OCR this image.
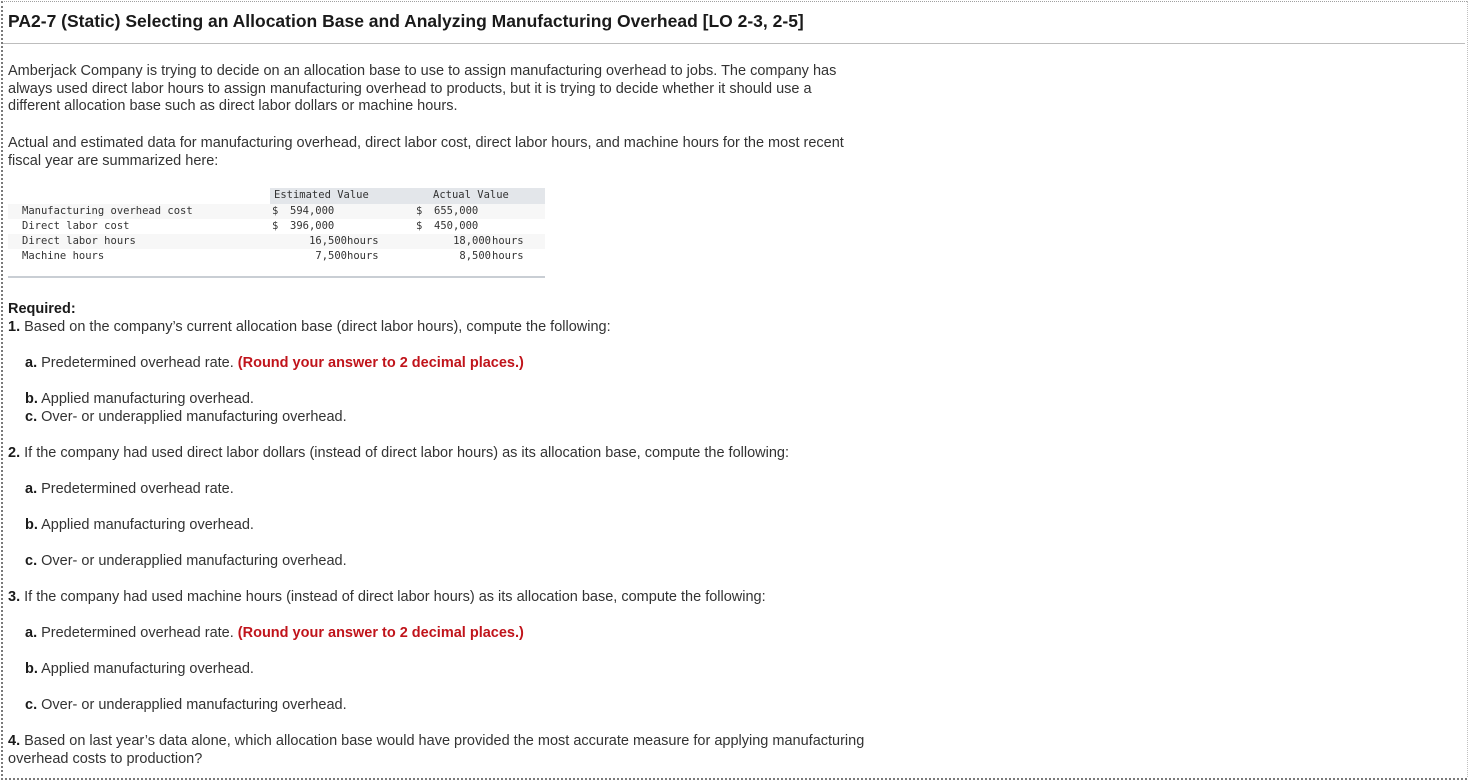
PA2-7 (Static) Selecting an Allocation Base and Analyzing Manufacturing Overhead [LO 2-3, 2-5]

Amberjack Company is trying to decide on an allocation base to use to assign manufacturing overhead to jobs. The company has
always used direct labor hours to assign manufacturing overhead to products, but it is trying to decide whether it should use a
different allocation base such as direct labor dollars or machine hours.

Actual and estimated data for manufacturing overhead, direct labor cost, direct labor hours, and machine hours for the most recent
fiscal year are summarized here:

Estimated Value	Actual Value
Manufacturing overhead cost	$ 594,000	$ 655,000
Direct labor cost	$ 396,000	$ 450,000
Direct labor hours	16,500 hours	18,000 hours
Machine hours	7,500 hours	8,500 hours
Required:
1. Based on the company’s current allocation base (direct labor hours), compute the following:
a. Predetermined overhead rate. (Round your answer to 2 decimal places.)
b. Applied manufacturing overhead.
c. Over- or underapplied manufacturing overhead.
2. If the company had used direct labor dollars (instead of direct labor hours) as its allocation base, compute the following:
a. Predetermined overhead rate.
b. Applied manufacturing overhead.
c. Over- or underapplied manufacturing overhead.
3. If the company had used machine hours (instead of direct labor hours) as its allocation base, compute the following:
a. Predetermined overhead rate. (Round your answer to 2 decimal places.)
b. Applied manufacturing overhead.
c. Over- or underapplied manufacturing overhead.
4. Based on last year’s data alone, which allocation base would have provided the most accurate measure for applying manufacturing
overhead costs to production?
